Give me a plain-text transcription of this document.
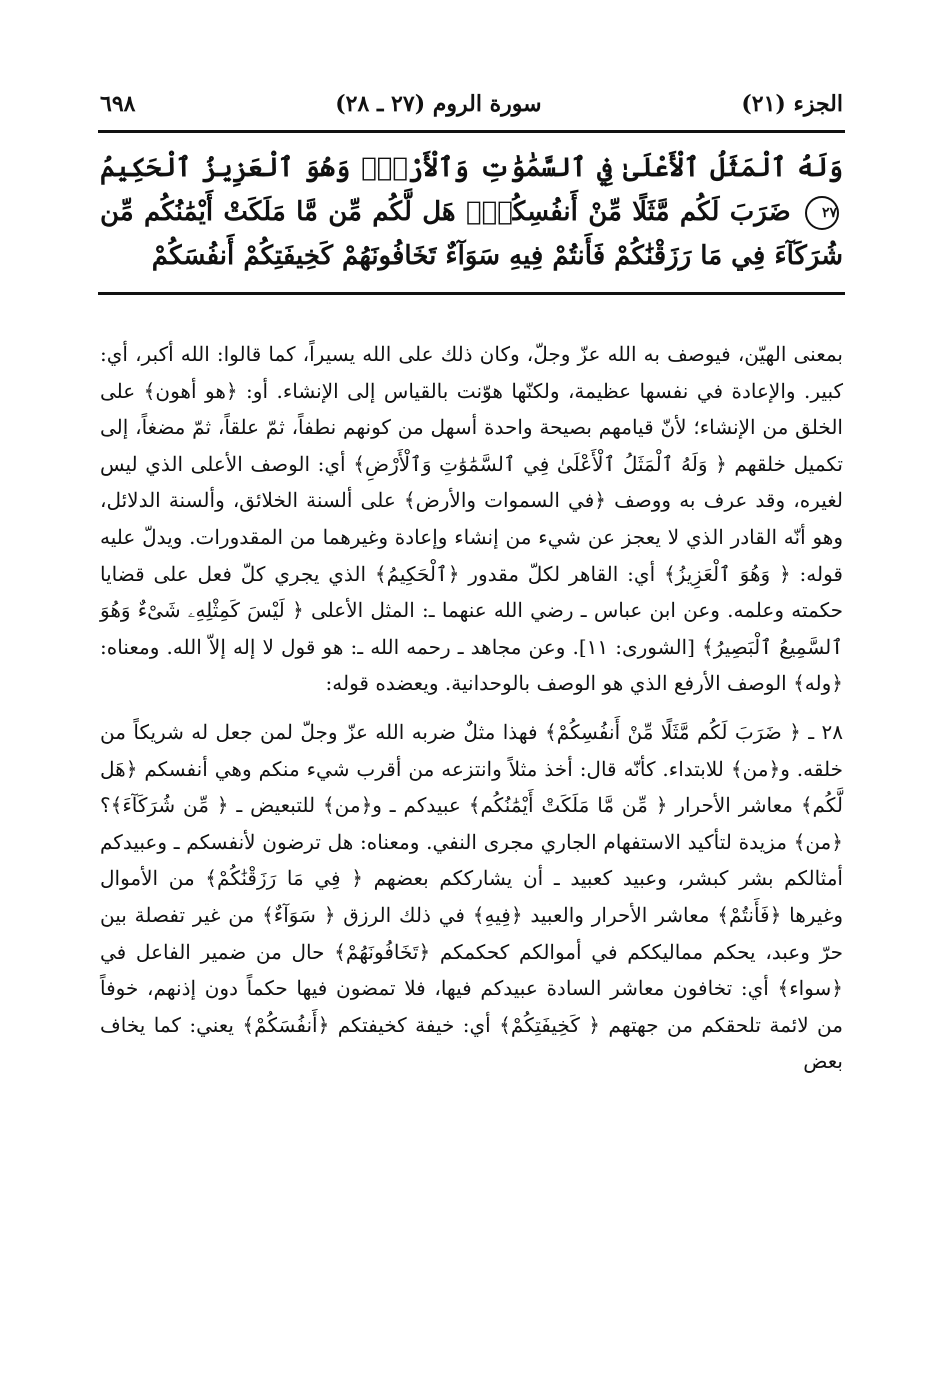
٦٩٨	سورة الروم (٢٧ ـ ٢٨)	الجزء (٢١)
وَلَهُ ٱلْمَثَلُ ٱلْأَعْلَىٰ فِي ٱلسَّمَٰوَٰتِ وَٱلْأَرْضِۚ وَهُوَ ٱلْعَزِيزُ ٱلْحَكِيمُ ٢٧ ضَرَبَ لَكُم مَّثَلًا مِّنْ أَنفُسِكُمْۖ هَل لَّكُم مِّن مَّا مَلَكَتْ أَيْمَٰنُكُم مِّن شُرَكَآءَ فِي مَا رَزَقْنَٰكُمْ فَأَنتُمْ فِيهِ سَوَآءٌ تَخَافُونَهُمْ كَخِيفَتِكُمْ أَنفُسَكُمْ

بمعنى الهيّن، فيوصف به الله عزّ وجلّ، وكان ذلك على الله يسيراً، كما قالوا: الله أكبر، أي: كبير. والإعادة في نفسها عظيمة، ولكنّها هوّنت بالقياس إلى الإنشاء. أو: ﴿هو أهون﴾ على الخلق من الإنشاء؛ لأنّ قيامهم بصيحة واحدة أسهل من كونهم نطفاً، ثمّ علقاً، ثمّ مضغاً، إلى تكميل خلقهم ﴿ وَلَهُ ٱلْمَثَلُ ٱلْأَعْلَىٰ فِي ٱلسَّمَٰوَٰتِ وَٱلْأَرْضِ﴾ أي: الوصف الأعلى الذي ليس لغيره، وقد عرف به ووصف ﴿في السموات والأرض﴾ على ألسنة الخلائق، وألسنة الدلائل، وهو أنّه القادر الذي لا يعجز عن شيء من إنشاء وإعادة وغيرهما من المقدورات. ويدلّ عليه قوله: ﴿ وَهُوَ ٱلْعَزِيزُ﴾ أي: القاهر لكلّ مقدور ﴿ٱلْحَكِيمُ﴾ الذي يجري كلّ فعل على قضايا حكمته وعلمه. وعن ابن عباس ـ رضي الله عنهما ـ: المثل الأعلى ﴿ لَيْسَ كَمِثْلِهِۦ شَىْءٌ وَهُوَ ٱلسَّمِيعُ ٱلْبَصِيرُ﴾ [الشورى: ١١]. وعن مجاهد ـ رحمه الله ـ: هو قول لا إله إلاّ الله. ومعناه: ﴿وله﴾ الوصف الأرفع الذي هو الوصف بالوحدانية. ويعضده قوله:

٢٨ ـ ﴿ ضَرَبَ لَكُم مَّثَلًا مِّنْ أَنفُسِكُمْ﴾ فهذا مثلٌ ضربه الله عزّ وجلّ لمن جعل له شريكاً من خلقه. و﴿من﴾ للابتداء. كأنّه قال: أخذ مثلاً وانتزعه من أقرب شيء منكم وهي أنفسكم ﴿هَل لَّكُم﴾ معاشر الأحرار ﴿ مِّن مَّا مَلَكَتْ أَيْمَٰنُكُم﴾ عبيدكم ـ و﴿من﴾ للتبعيض ـ ﴿ مِّن شُرَكَآءَ﴾؟ ﴿من﴾ مزيدة لتأكيد الاستفهام الجاري مجرى النفي. ومعناه: هل ترضون لأنفسكم ـ وعبيدكم أمثالكم بشر كبشر، وعبيد كعبيد ـ أن يشارككم بعضهم ﴿ فِي مَا رَزَقْنَٰكُمْ﴾ من الأموال وغيرها ﴿فَأَنتُمْ﴾ معاشر الأحرار والعبيد ﴿فِيهِ﴾ في ذلك الرزق ﴿ سَوَآءٌ﴾ من غير تفصلة بين حرّ وعبد، يحكم مماليككم في أموالكم كحكمكم ﴿تَخَافُونَهُمْ﴾ حال من ضمير الفاعل في ﴿سواء﴾ أي: تخافون معاشر السادة عبيدكم فيها، فلا تمضون فيها حكماً دون إذنهم، خوفاً من لائمة تلحقكم من جهتهم ﴿ كَخِيفَتِكُمْ﴾ أي: خيفة كخيفتكم ﴿أَنفُسَكُمْ﴾ يعني: كما يخاف بعض
